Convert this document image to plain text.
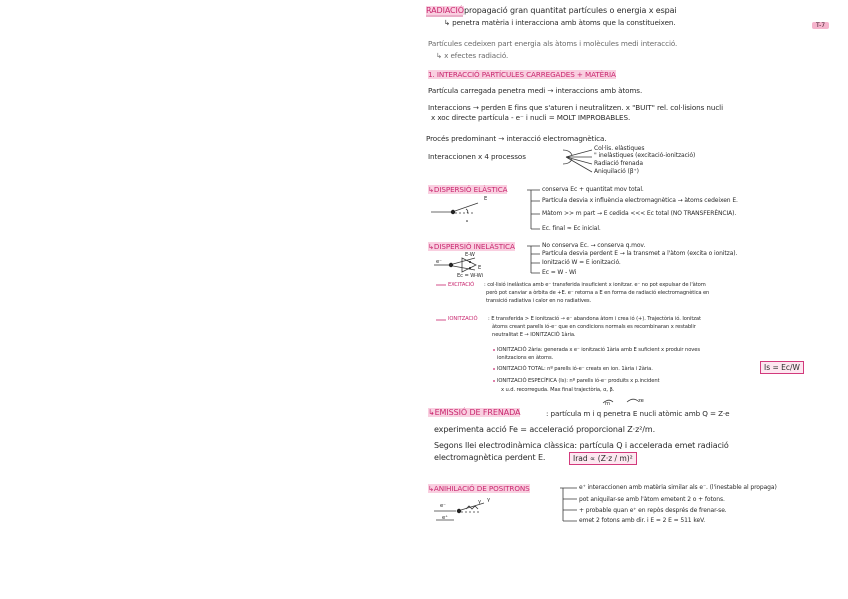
RADIACIÓpropagació gran quantitat partícules o energia x espai
↳ penetra matèria i interacciona amb àtoms que la constitueixen.	T-7
Partícules cedeixen part energia als àtoms i molècules medi interacció.
↳ x efectes radiació.
1. INTERACCIÓ PARTÍCULES CARREGADES + MATÈRIA
Partícula carregada penetra medi → interaccions amb àtoms.
Interaccions → perden E fins que s'aturen i neutralitzen. x "BUIT" rel. col·lisions nucli
x xoc directe partícula - e⁻ i nucli = MOLT IMPROBABLES.
Procés predominant → interacció electromagnètica.
Interaccionen x 4 processos
Col·lis. elàstiques
" inelàstiques (excitació-ionització)
Radiació frenada
Aniquilació (β⁺)
↳DISPERSIÓ ELÀSTICA
E
conserva Ec + quantitat mov total.
Partícula desvia x influència electromagnètica → àtoms cedeixen E.
Màtom >> m part → E cedida <<< Ec total (NO TRANSFERÈNCIA).
Ec. final ≈ Ec inicial.
↳DISPERSIÓ INELÀSTICA	No conserva Ec. → conserva q.mov.
Partícula desvia perdent E → la transmet a l'àtom (excita o ionitza).
Ionització W = E ionització.
Ec = W - Wi
E-W
e⁻
E
Ec = W-Wi
EXCITACIÓ : col·lisió inelàstica amb e⁻ transferida insuficient x ionitzar. e⁻ no pot expulsar de l'àtom
però pot canviar a òrbita de +E. e⁻ retorna a E en forma de radiació electromagnètica en
transició radiativa i calor en no radiatives.
IONITZACIÓ : E transferida > E ionització → e⁻ abandona àtom i crea ió (+). Trajectòria ió. Ionitzat
àtoms creant parells ió-e⁻ que en condicions normals es recombinaran x restablir
neutralitat E → IONITZACIÓ 1ària.
IONITZACIÓ 2ària: generada x e⁻ ionització 1ària amb E suficient x produir noves
ionitzacions en àtoms.
IONITZACIÓ TOTAL: nº parells ió-e⁻ creats en ion. 1ària i 2ària.
IONITZACIÓ ESPECÍFICA (Is): nº parells ió-e⁻ produïts x p.incident
x u.d. recorreguda. Max final trajectòria, α, β.
Is = Ec/W
↳EMISSIÓ DE FRENADA	: partícula m i q penetra E nucli atòmic amb Q = Z·e
m	ze
experimenta acció Fe = acceleració proporcional Z·z²/m.
Segons llei electrodinàmica clàssica: partícula Q i accelerada emet radiació
electromagnètica perdent E.	Irad ∝ (Z·z / m)²
↳ANIHILACIÓ DE POSITRONS	e⁺ interaccionen amb matèria similar als e⁻. (l'inestable al propaga)
pot aniquilar-se amb l'àtom emetent 2 o + fotons.
+ probable quan e⁺ en repòs després de frenar-se.
emet 2 fotons amb dir. i E = 2 E = 511 keV.
e⁻
e⁺
γ γ
